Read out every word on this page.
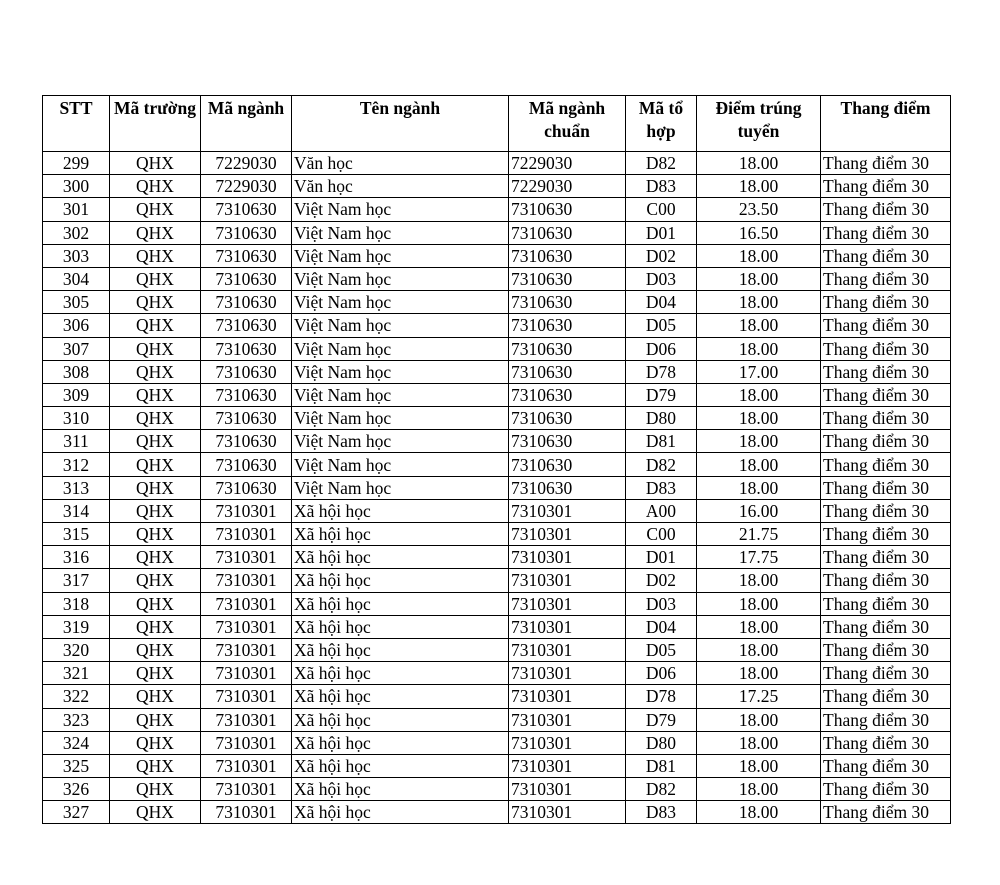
STT	Mã trường	Mã ngành	Tên ngành	Mã ngành chuẩn	Mã tổ hợp	Điểm trúng tuyển	Thang điểm
299	QHX	7229030	Văn học	7229030	D82	18.00	Thang điểm 30
300	QHX	7229030	Văn học	7229030	D83	18.00	Thang điểm 30
301	QHX	7310630	Việt Nam học	7310630	C00	23.50	Thang điểm 30
302	QHX	7310630	Việt Nam học	7310630	D01	16.50	Thang điểm 30
303	QHX	7310630	Việt Nam học	7310630	D02	18.00	Thang điểm 30
304	QHX	7310630	Việt Nam học	7310630	D03	18.00	Thang điểm 30
305	QHX	7310630	Việt Nam học	7310630	D04	18.00	Thang điểm 30
306	QHX	7310630	Việt Nam học	7310630	D05	18.00	Thang điểm 30
307	QHX	7310630	Việt Nam học	7310630	D06	18.00	Thang điểm 30
308	QHX	7310630	Việt Nam học	7310630	D78	17.00	Thang điểm 30
309	QHX	7310630	Việt Nam học	7310630	D79	18.00	Thang điểm 30
310	QHX	7310630	Việt Nam học	7310630	D80	18.00	Thang điểm 30
311	QHX	7310630	Việt Nam học	7310630	D81	18.00	Thang điểm 30
312	QHX	7310630	Việt Nam học	7310630	D82	18.00	Thang điểm 30
313	QHX	7310630	Việt Nam học	7310630	D83	18.00	Thang điểm 30
314	QHX	7310301	Xã hội học	7310301	A00	16.00	Thang điểm 30
315	QHX	7310301	Xã hội học	7310301	C00	21.75	Thang điểm 30
316	QHX	7310301	Xã hội học	7310301	D01	17.75	Thang điểm 30
317	QHX	7310301	Xã hội học	7310301	D02	18.00	Thang điểm 30
318	QHX	7310301	Xã hội học	7310301	D03	18.00	Thang điểm 30
319	QHX	7310301	Xã hội học	7310301	D04	18.00	Thang điểm 30
320	QHX	7310301	Xã hội học	7310301	D05	18.00	Thang điểm 30
321	QHX	7310301	Xã hội học	7310301	D06	18.00	Thang điểm 30
322	QHX	7310301	Xã hội học	7310301	D78	17.25	Thang điểm 30
323	QHX	7310301	Xã hội học	7310301	D79	18.00	Thang điểm 30
324	QHX	7310301	Xã hội học	7310301	D80	18.00	Thang điểm 30
325	QHX	7310301	Xã hội học	7310301	D81	18.00	Thang điểm 30
326	QHX	7310301	Xã hội học	7310301	D82	18.00	Thang điểm 30
327	QHX	7310301	Xã hội học	7310301	D83	18.00	Thang điểm 30
